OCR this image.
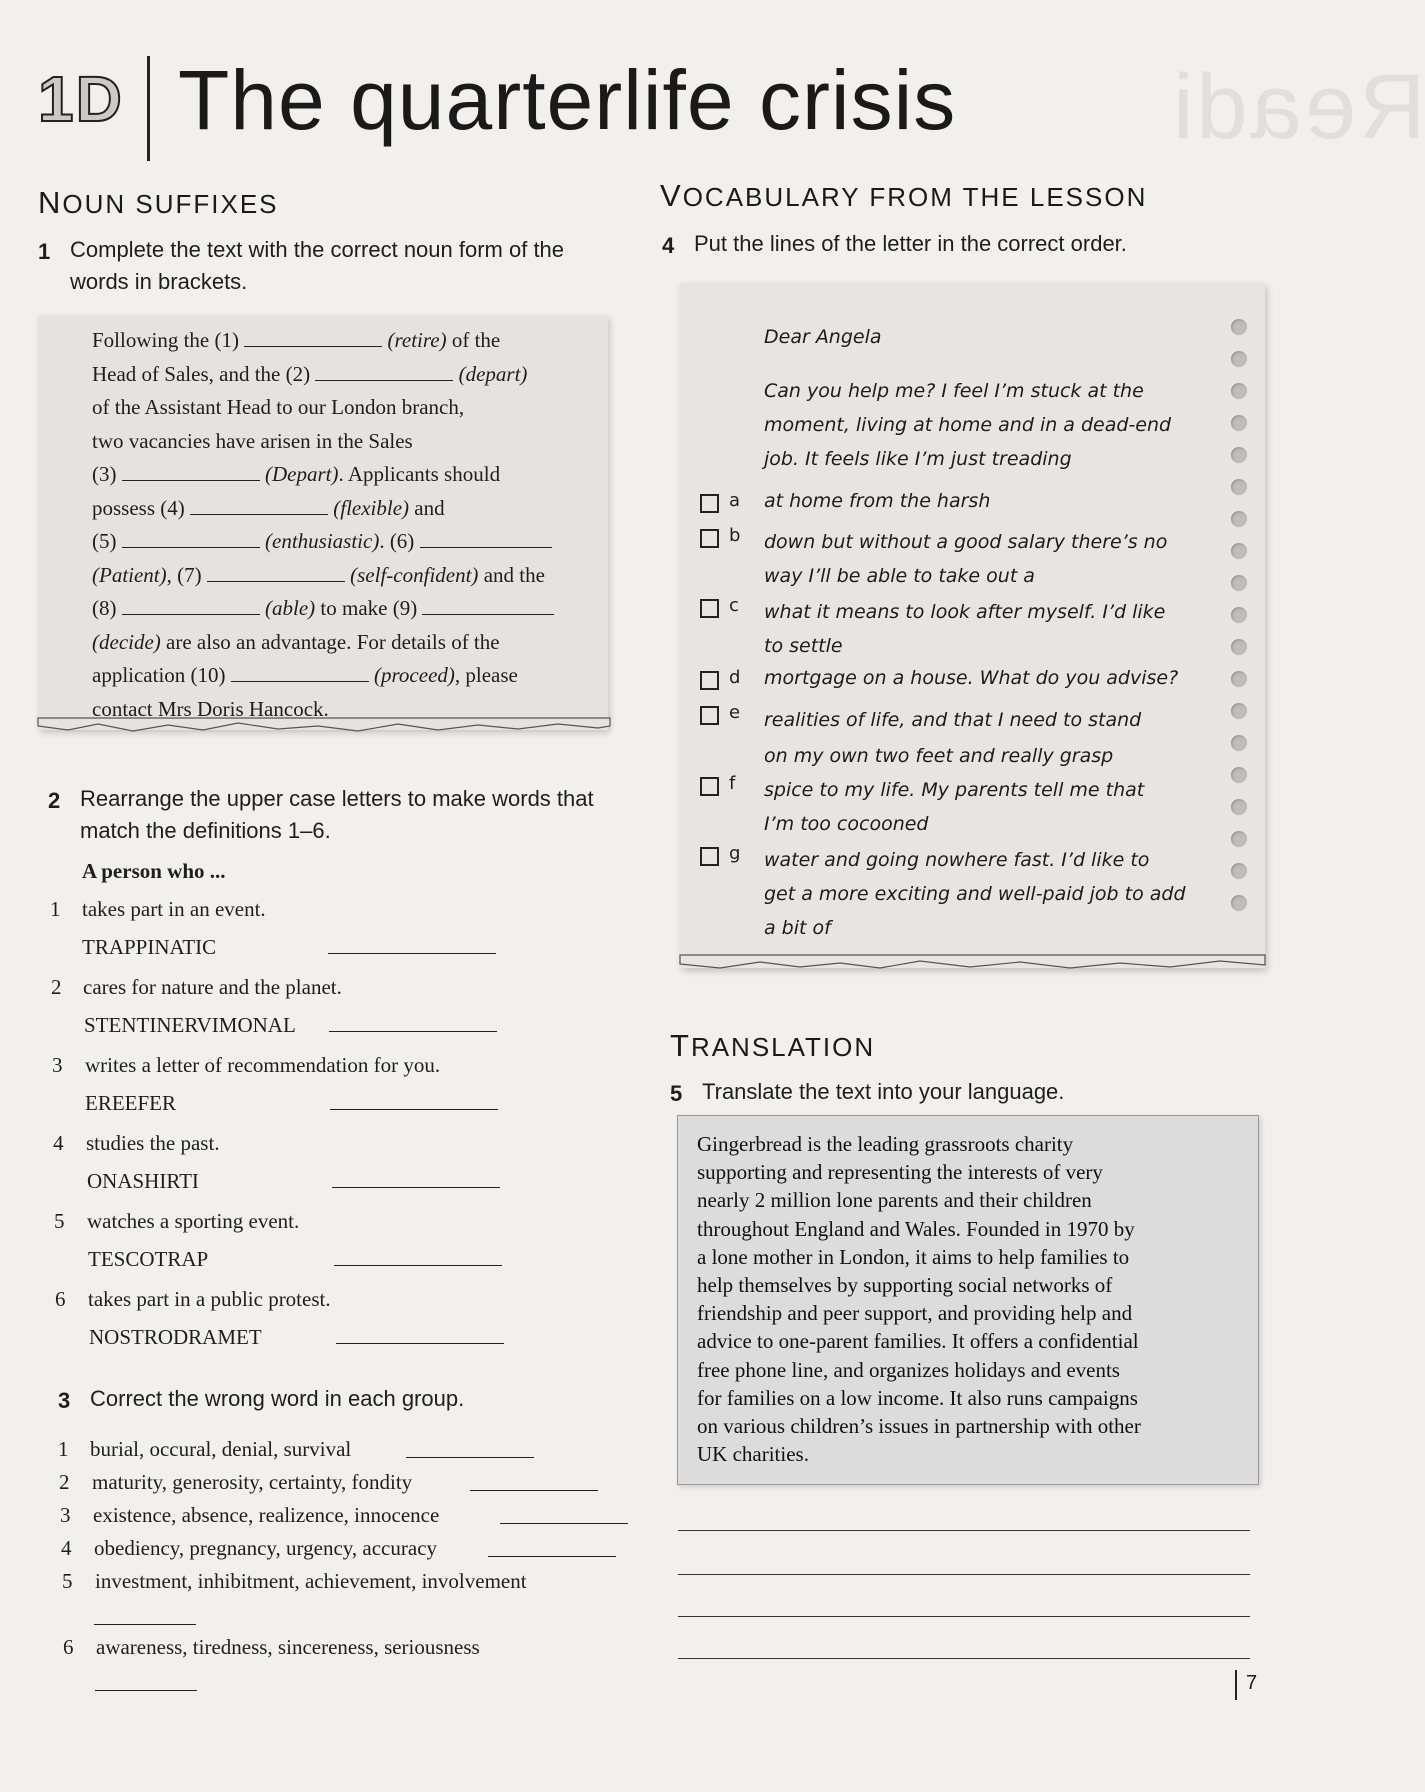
Readi
1D The quarterlife crisis
NOUN SUFFIXES
1 Complete the text with the correct noun form of the
words in brackets.
Following the (1)	(retire) of the
Head of Sales, and the (2)	(depart)
of the Assistant Head to our London branch,
two vacancies have arisen in the Sales
(3)	(Depart). Applicants should
possess (4)	(flexible) and
(5)	(enthusiastic). (6)
(Patient), (7)	(self-confident) and the
(8)	(able) to make (9)
(decide) are also an advantage. For details of the
application (10)	(proceed), please
contact Mrs Doris Hancock.
2 Rearrange the upper case letters to make words that
match the definitions 1–6.
A person who ...
1 takes part in an event.
TRAPPINATIC
2 cares for nature and the planet.
STENTINERVIMONAL
3 writes a letter of recommendation for you.
EREEFER
4 studies the past.
ONASHIRTI
5 watches a sporting event.
TESCOTRAP
6 takes part in a public protest.
NOSTRODRAMET
3 Correct the wrong word in each group.
1 burial, occural, denial, survival
2 maturity, generosity, certainty, fondity
3 existence, absence, realizence, innocence
4 obediency, pregnancy, urgency, accuracy
5 investment, inhibitment, achievement, involvement
6 awareness, tiredness, sincereness, seriousness
VOCABULARY FROM THE LESSON
4 Put the lines of the letter in the correct order.
Dear Angela
Can you help me? I feel I’m stuck at the
moment, living at home and in a dead-end
job. It feels like I’m just treading
a at home from the harsh
b down but without a good salary there’s no
way I’ll be able to take out a
c what it means to look after myself. I’d like
to settle
d mortgage on a house. What do you advise?
e realities of life, and that I need to stand
on my own two feet and really grasp
f spice to my life. My parents tell me that
I’m too cocooned
g water and going nowhere fast. I’d like to
get a more exciting and well-paid job to add
a bit of
TRANSLATION
5 Translate the text into your language.
Gingerbread is the leading grassroots charity
supporting and representing the interests of very
nearly 2 million lone parents and their children
throughout England and Wales. Founded in 1970 by
a lone mother in London, it aims to help families to
help themselves by supporting social networks of
friendship and peer support, and providing help and
advice to one-parent families. It offers a confidential
free phone line, and organizes holidays and events
for families on a low income. It also runs campaigns
on various children’s issues in partnership with other
UK charities.
7
